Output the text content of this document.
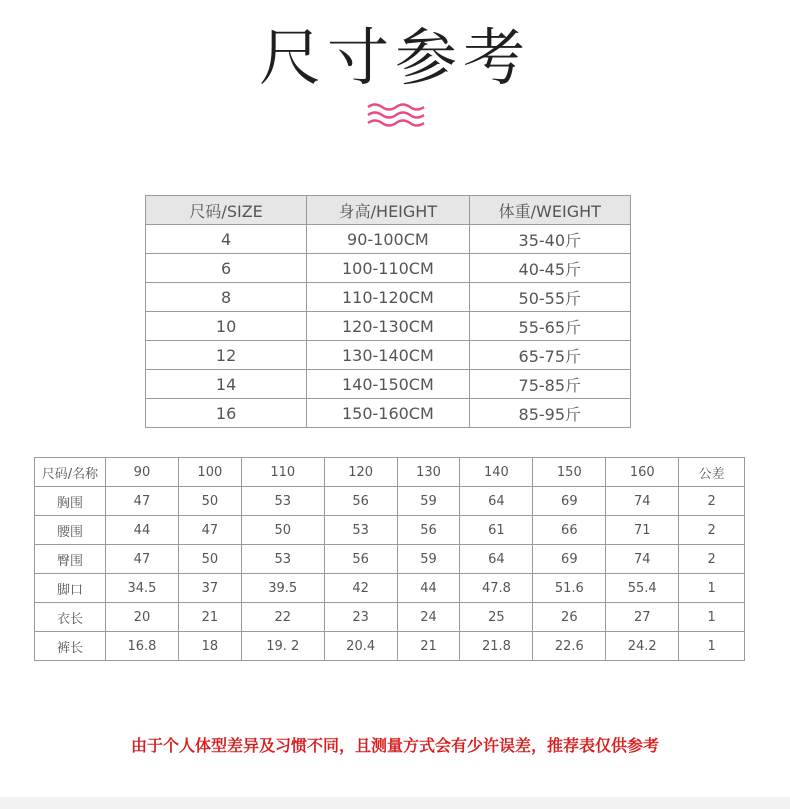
尺寸参考
尺码/SIZE	身高/HEIGHT	体重/WEIGHT
4	90-100CM	35-40斤
6	100-110CM	40-45斤
8	110-120CM	50-55斤
10	120-130CM	55-65斤
12	130-140CM	65-75斤
14	140-150CM	75-85斤
16	150-160CM	85-95斤
尺码/名称	90	100	110	120	130	140	150	160	公差
胸围	47	50	53	56	59	64	69	74	2
腰围	44	47	50	53	56	61	66	71	2
臀围	47	50	53	56	59	64	69	74	2
脚口	34.5	37	39.5	42	44	47.8	51.6	55.4	1
衣长	20	21	22	23	24	25	26	27	1
裤长	16.8	18	19. 2	20.4	21	21.8	22.6	24.2	1
由于个人体型差异及习惯不同，且测量方式会有少许误差，推荐表仅供参考
